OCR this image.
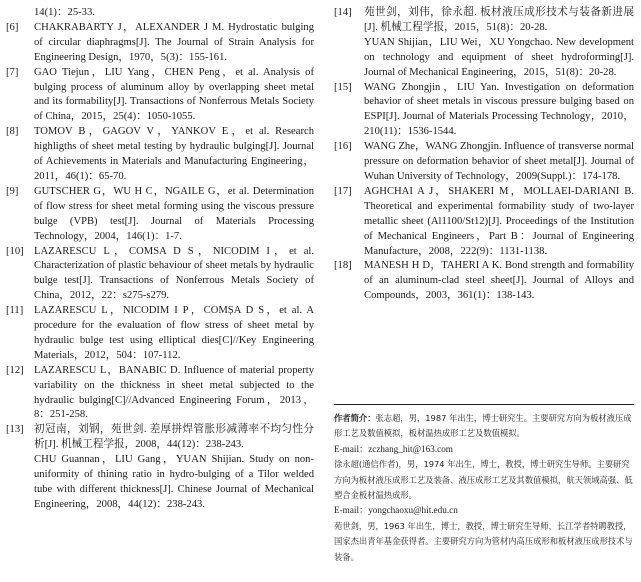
14(1)：25-33.
[6]	CHAKRABARTY J，ALEXANDER J M. Hydrostatic bulging of circular diaphragms[J]. The Journal of Strain Analysis for Engineering Design，1970，5(3)：155-161.
[7]	GAO Tiejun，LIU Yang，CHEN Peng，et al. Analysis of bulging process of aluminum alloy by overlapping sheet metal and its formability[J]. Transactions of Nonferrous Metals Society of China，2015，25(4)：1050-1055.
[8]	TOMOV B，GAGOV V，YANKOV E，et al. Research highligths of sheet metal testing by hydraulic bulging[J]. Journal of Achievements in Materials and Manufacturing Engineering，2011，46(1)：65-70.
[9]	GUTSCHER G，WU H C，NGAILE G，et al. Determination of flow stress for sheet metal forming using the viscous pressure bulge (VPB) test[J]. Journal of Materials Processing Technology，2004，146(1)：1-7.
[10] LAZARESCU L，COMSA D S，NICODIM I，et al. Characterization of plastic behaviour of sheet metals by hydraulic bulge test[J]. Transactions of Nonferrous Metals Society of China，2012，22：s275-s279.
[11]	LAZARESCU L，NICODIM I P，COMȘA D S，et al. A procedure for the evaluation of flow stress of sheet metal by hydraulic bulge test using elliptical dies[C]//Key Engineering Materials，2012，504：107-112.
[12] LAZARESCU L，BANABIC D. Influence of material property variability on the thickness in sheet metal subjected to the hydraulic bulging[C]//Advanced Engineering Forum，2013，8：251-258.
[13] 初冠南，刘钢，苑世剑. 差厚拼焊管胀形减薄率不均匀性分析[J]. 机械工程学报，2008，44(12)：238-243.
CHU Guannan，LIU Gang，YUAN Shijian. Study on non-uniformity of thining ratio in hydro-bulging of a Tilor welded tube with different thickness[J]. Chinese Journal of Mechanical Engineering，2008，44(12)：238-243.
[14]	苑世剑，刘伟，徐永超. 板材液压成形技术与装备新进展[J]. 机械工程学报，2015，51(8)：20-28.
YUAN Shijian，LIU Wei，XU Yongchao. New development on technology and equipment of sheet hydroforming[J]. Journal of Mechanical Engineering，2015，51(8)：20-28.
[15]	WANG Zhongjin，LIU Yan. Investigation on deformation behavior of sheet metals in viscous pressure bulging based on ESPI[J]. Journal of Materials Processing Technology，2010，210(11)：1536-1544.
[16]	WANG Zhe，WANG Zhongjin. Influence of transverse normal pressure on deformation behavior of sheet metal[J]. Journal of Wuhan University of Technology，2009(Suppl.)：174-178.
[17]	AGHCHAI A J，SHAKERI M，MOLLAEI-DARIANI B. Theoretical and experimental formability study of two-layer metallic sheet (Al1100/St12)[J]. Proceedings of the Institution of Mechanical Engineers，Part B：Journal of Engineering Manufacture，2008，222(9)：1131-1138.
[18]	MANESH H D，TAHERI A K. Bond strength and formability of an aluminum-clad steel sheet[J]. Journal of Alloys and Compounds，2003，361(1)：138-143.

作者简介：张志超，男，1987 年出生，博士研究生。主要研究方向为板材液压成形工艺及数值模拟，板材温热成形工艺及数值模拟。

E-mail：zczhang_hit@163.com

徐永超(通信作者)，男，1974 年出生，博士，教授，博士研究生导师。主要研究方向为板材液压成形工艺及装备、液压成形工艺及其数值模拟，航天领域高强、低塑合金板材温热成形。

E-mail：yongchaoxu@hit.edu.cn

苑世剑，男，1963 年出生，博士，教授，博士研究生导师，长江学者特聘教授，国家杰出青年基金获得者。主要研究方向为管材内高压成形和板材液压成形技术与装备。
